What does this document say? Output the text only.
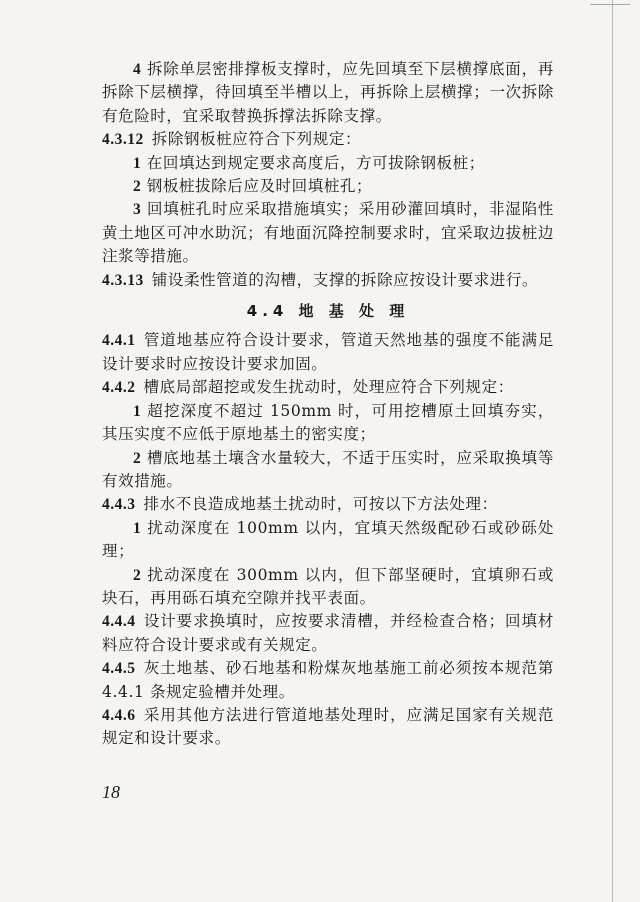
4 拆除单层密排撑板支撑时，应先回填至下层横撑底面，再拆除下层横撑，待回填至半槽以上，再拆除上层横撑；一次拆除有危险时，宜采取替换拆撑法拆除支撑。

4.3.12 拆除钢板桩应符合下列规定：

1 在回填达到规定要求高度后，方可拔除钢板桩；

2 钢板桩拔除后应及时回填桩孔；

3 回填桩孔时应采取措施填实；采用砂灌回填时，非湿陷性黄土地区可冲水助沉；有地面沉降控制要求时，宜采取边拔桩边注浆等措施。

4.3.13 铺设柔性管道的沟槽，支撑的拆除应按设计要求进行。

4.4 地 基 处 理

4.4.1 管道地基应符合设计要求，管道天然地基的强度不能满足设计要求时应按设计要求加固。

4.4.2 槽底局部超挖或发生扰动时，处理应符合下列规定：

1 超挖深度不超过 150mm 时，可用挖槽原土回填夯实，其压实度不应低于原地基土的密实度；

2 槽底地基土壤含水量较大，不适于压实时，应采取换填等有效措施。

4.4.3 排水不良造成地基土扰动时，可按以下方法处理：

1 扰动深度在 100mm 以内，宜填天然级配砂石或砂砾处理；

2 扰动深度在 300mm 以内，但下部坚硬时，宜填卵石或块石，再用砾石填充空隙并找平表面。

4.4.4 设计要求换填时，应按要求清槽，并经检查合格；回填材料应符合设计要求或有关规定。

4.4.5 灰土地基、砂石地基和粉煤灰地基施工前必须按本规范第 4.4.1 条规定验槽并处理。

4.4.6 采用其他方法进行管道地基处理时，应满足国家有关规范规定和设计要求。

18
